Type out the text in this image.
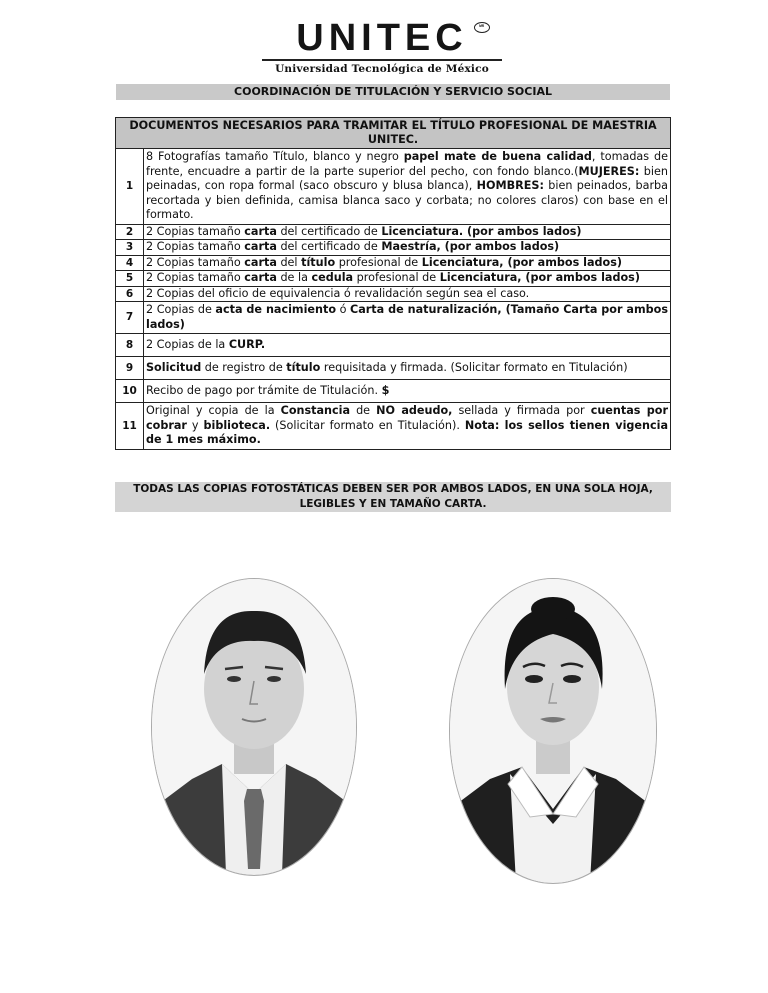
UNITEC	ᴹᴿ
Universidad Tecnológica de México
COORDINACIÓN DE TITULACIÓN Y SERVICIO SOCIAL
DOCUMENTOS NECESARIOS PARA TRAMITAR EL TÍTULO PROFESIONAL DE MAESTRIA UNITEC.	
1	8 Fotografías tamaño Título, blanco y negro papel mate de buena calidad, tomadas de frente, encuadre a partir de la parte superior del pecho, con fondo blanco.(MUJERES: bien peinadas, con ropa formal (saco obscuro y blusa blanca), HOMBRES: bien peinados, barba recortada y bien definida, camisa blanca saco y corbata; no colores claros) con base en el formato.
2	2 Copias tamaño carta del certificado de Licenciatura. (por ambos lados)
3	2 Copias tamaño carta del certificado de Maestría, (por ambos lados)
4	2 Copias tamaño carta del título profesional de Licenciatura, (por ambos lados)
5	2 Copias tamaño carta de la cedula profesional de Licenciatura, (por ambos lados)
6	2 Copias del oficio de equivalencia ó revalidación según sea el caso.
7	2 Copias de acta de nacimiento ó Carta de naturalización, (Tamaño Carta por ambos lados)
8	2 Copias de la CURP.
9	Solicitud de registro de título requisitada y firmada. (Solicitar formato en Titulación)
10	Recibo de pago por trámite de Titulación. $
11	Original y copia de la Constancia de NO adeudo, sellada y firmada por cuentas por cobrar y biblioteca. (Solicitar formato en Titulación). Nota: los sellos tienen vigencia de 1 mes máximo.
TODAS LAS COPIAS FOTOSTÁTICAS DEBEN SER POR AMBOS LADOS, EN UNA SOLA HOJA, LEGIBLES Y EN TAMAÑO CARTA.
